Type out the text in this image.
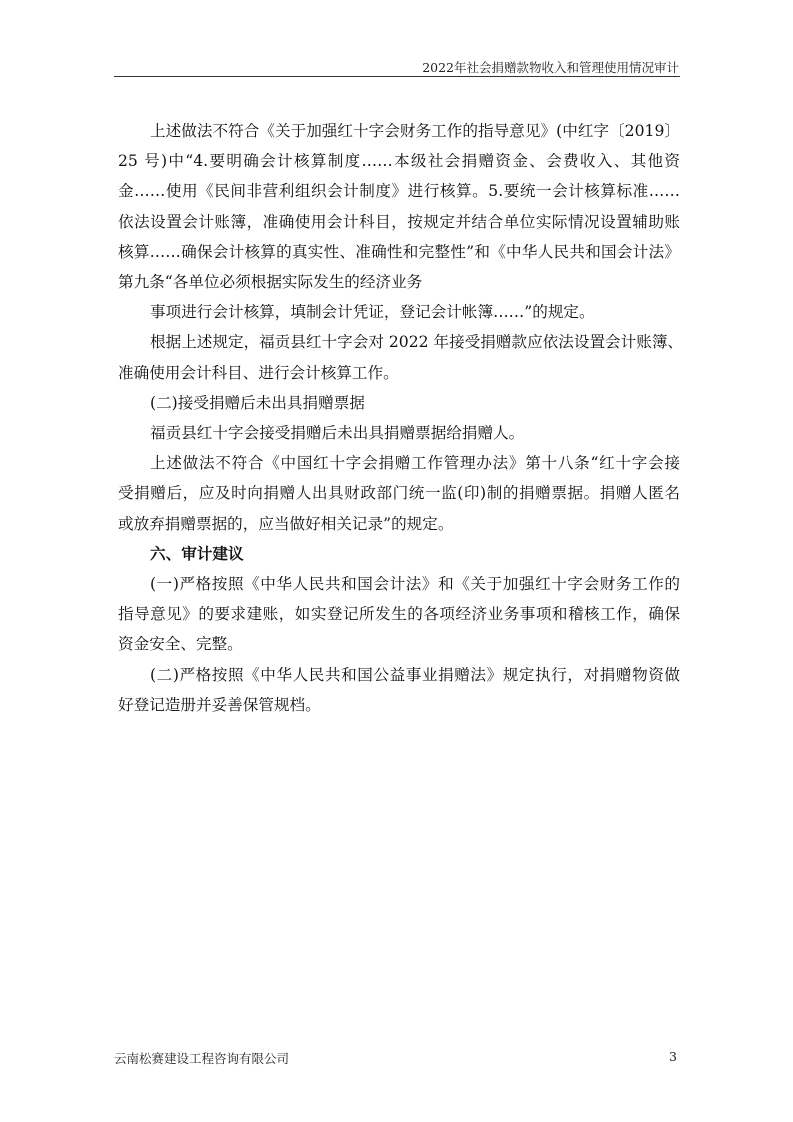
2022年社会捐赠款物收入和管理使用情况审计

上述做法不符合《关于加强红十字会财务工作的指导意见》(中红字〔2019〕
25 号)中“4.要明确会计核算制度……本级社会捐赠资金、会费收入、其他资
金……使用《民间非营利组织会计制度》进行核算。5.要统一会计核算标准……
依法设置会计账簿，准确使用会计科目，按规定并结合单位实际情况设置辅助账
核算……确保会计核算的真实性、准确性和完整性”和《中华人民共和国会计法》
第九条“各单位必须根据实际发生的经济业务

事项进行会计核算，填制会计凭证，登记会计帐簿……”的规定。

根据上述规定，福贡县红十字会对 2022 年接受捐赠款应依法设置会计账簿、
准确使用会计科目、进行会计核算工作。

(二)接受捐赠后未出具捐赠票据

福贡县红十字会接受捐赠后未出具捐赠票据给捐赠人。

上述做法不符合《中国红十字会捐赠工作管理办法》第十八条“红十字会接
受捐赠后，应及时向捐赠人出具财政部门统一监(印)制的捐赠票据。捐赠人匿名
或放弃捐赠票据的，应当做好相关记录”的规定。

六、审计建议

(一)严格按照《中华人民共和国会计法》和《关于加强红十字会财务工作的
指导意见》的要求建账，如实登记所发生的各项经济业务事项和稽核工作，确保
资金安全、完整。

(二)严格按照《中华人民共和国公益事业捐赠法》规定执行，对捐赠物资做
好登记造册并妥善保管规档。

云南松赛建设工程咨询有限公司	3
